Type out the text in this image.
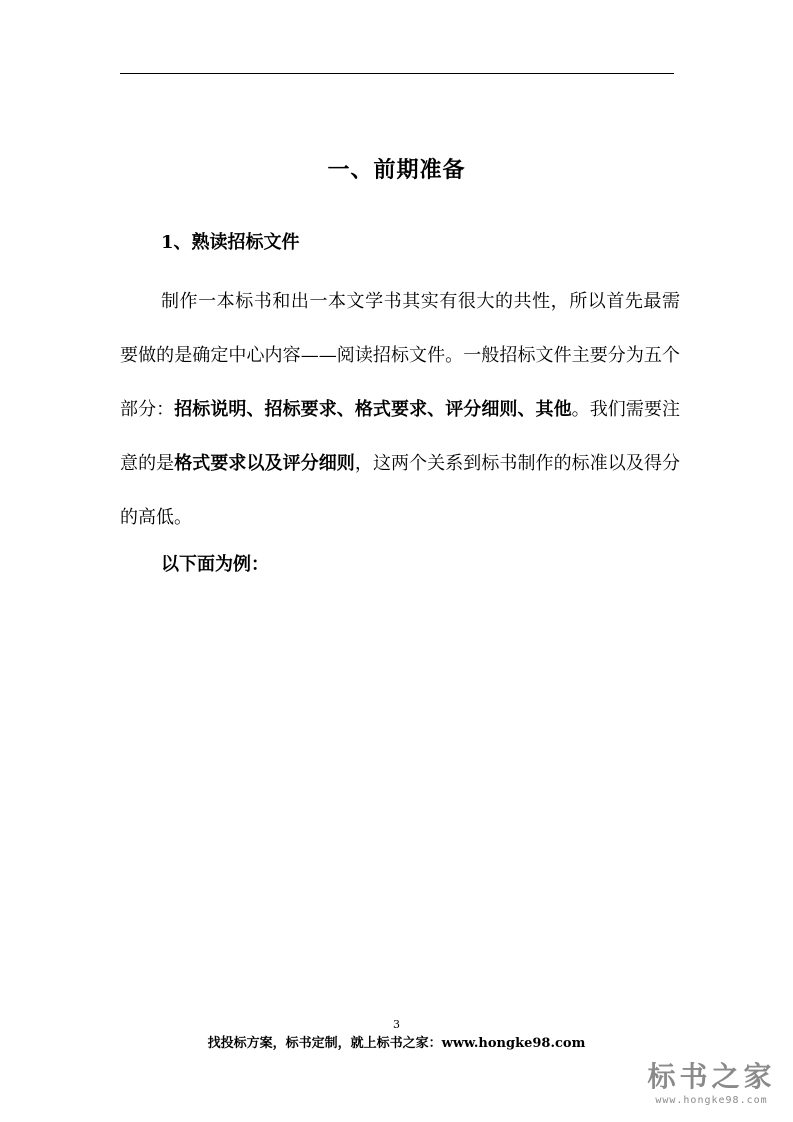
一、前期准备
1、熟读招标文件

制作一本标书和出一本文学书其实有很大的共性，所以首先最需要做的是确定中心内容——阅读招标文件。一般招标文件主要分为五个部分：招标说明、招标要求、格式要求、评分细则、其他。我们需要注意的是格式要求以及评分细则，这两个关系到标书制作的标准以及得分的高低。

以下面为例：

3
找投标方案，标书定制，就上标书之家：www.hongke98.com
标书之家
www.hongke98.com
